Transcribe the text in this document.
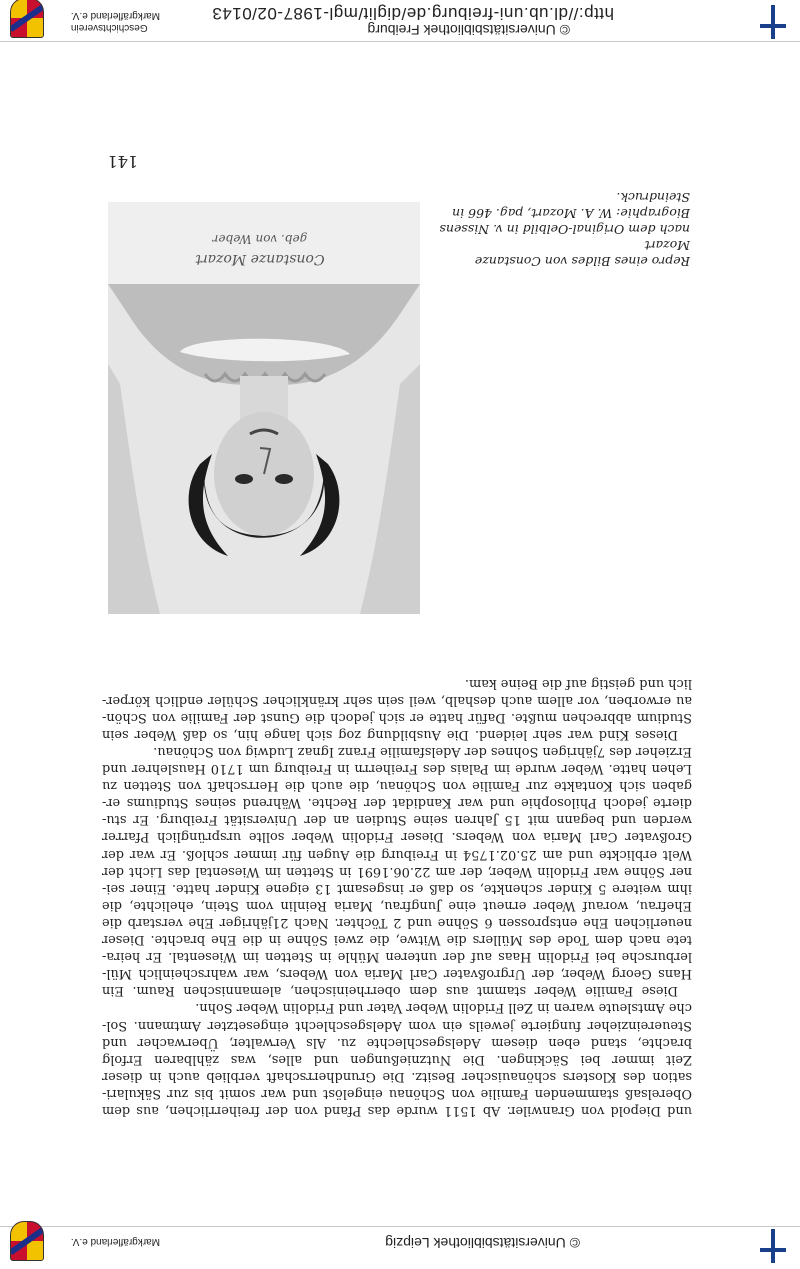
© Universitätsbibliothek Leipzig
Markgräflerland e.V.
und Diepold von Granwiler. Ab 1511 wurde das Pfand von der freiherrlichen, aus dem
Oberelsaß stammenden Familie von Schönau eingelöst und war somit bis zur Säkulari-
sation des Klosters schönauischer Besitz. Die Grundherrschaft verblieb auch in dieser
Zeit immer bei Säckingen. Die Nutznießungen und alles, was zählbaren Erfolg
brachte, stand eben diesem Adelsgeschlechte zu. Als Verwalter, Überwacher und
Steuereinzieher fungierte jeweils ein vom Adelsgeschlecht eingesetzter Amtmann. Sol-
che Amtsleute waren in Zell Fridolin Weber Vater und Fridolin Weber Sohn.
Diese Familie Weber stammt aus dem oberrheinischen, alemannischen Raum. Ein
Hans Georg Weber, der Urgroßvater Carl Maria von Webers, war wahrscheinlich Mül-
lerbursche bei Fridolin Haas auf der unteren Mühle in Stetten im Wiesental. Er heira-
tete nach dem Tode des Müllers die Witwe, die zwei Söhne in die Ehe brachte. Dieser
neuerlichen Ehe entsprossen 6 Söhne und 2 Töchter. Nach 21jähriger Ehe verstarb die
Ehefrau, worauf Weber erneut eine Jungfrau, Maria Reinlin vom Stein, ehelichte, die
ihm weitere 5 Kinder schenkte, so daß er insgesamt 13 eigene Kinder hatte. Einer sei-
ner Söhne war Fridolin Weber, der am 22.06.1691 in Stetten im Wiesental das Licht der
Welt erblickte und am 25.02.1754 in Freiburg die Augen für immer schloß. Er war der
Großvater Carl Maria von Webers. Dieser Fridolin Weber sollte ursprünglich Pfarrer
werden und begann mit 15 Jahren seine Studien an der Universität Freiburg. Er stu-
dierte jedoch Philosophie und war Kandidat der Rechte. Während seines Studiums er-
gaben sich Kontakte zur Familie von Schönau, die auch die Herrschaft von Stetten zu
Lehen hatte. Weber wurde im Palais des Freiherrn in Freiburg um 1710 Hauslehrer und
Erzieher des 7jährigen Sohnes der Adelsfamilie Franz Ignaz Ludwig von Schönau.
Dieses Kind war sehr leidend. Die Ausbildung zog sich lange hin, so daß Weber sein
Studium abbrechen mußte. Dafür hatte er sich jedoch die Gunst der Familie von Schön-
au erworben, vor allem auch deshalb, weil sein sehr kränklicher Schüler endlich körper-
lich und geistig auf die Beine kam.
Constanze Mozart
geb. von Weber
Repro eines Bildes von Constanze Mozart
nach dem Original-Oelbild in v. Nissens
Biographie: W. A. Mozart, pag. 466 in
Steindruck.
141
Geschichtsverein
Markgräflerland e.V.
© Universitätsbibliothek Freiburg
http://dl.ub.uni-freiburg.de/diglit/mgl-1987-02/0143
